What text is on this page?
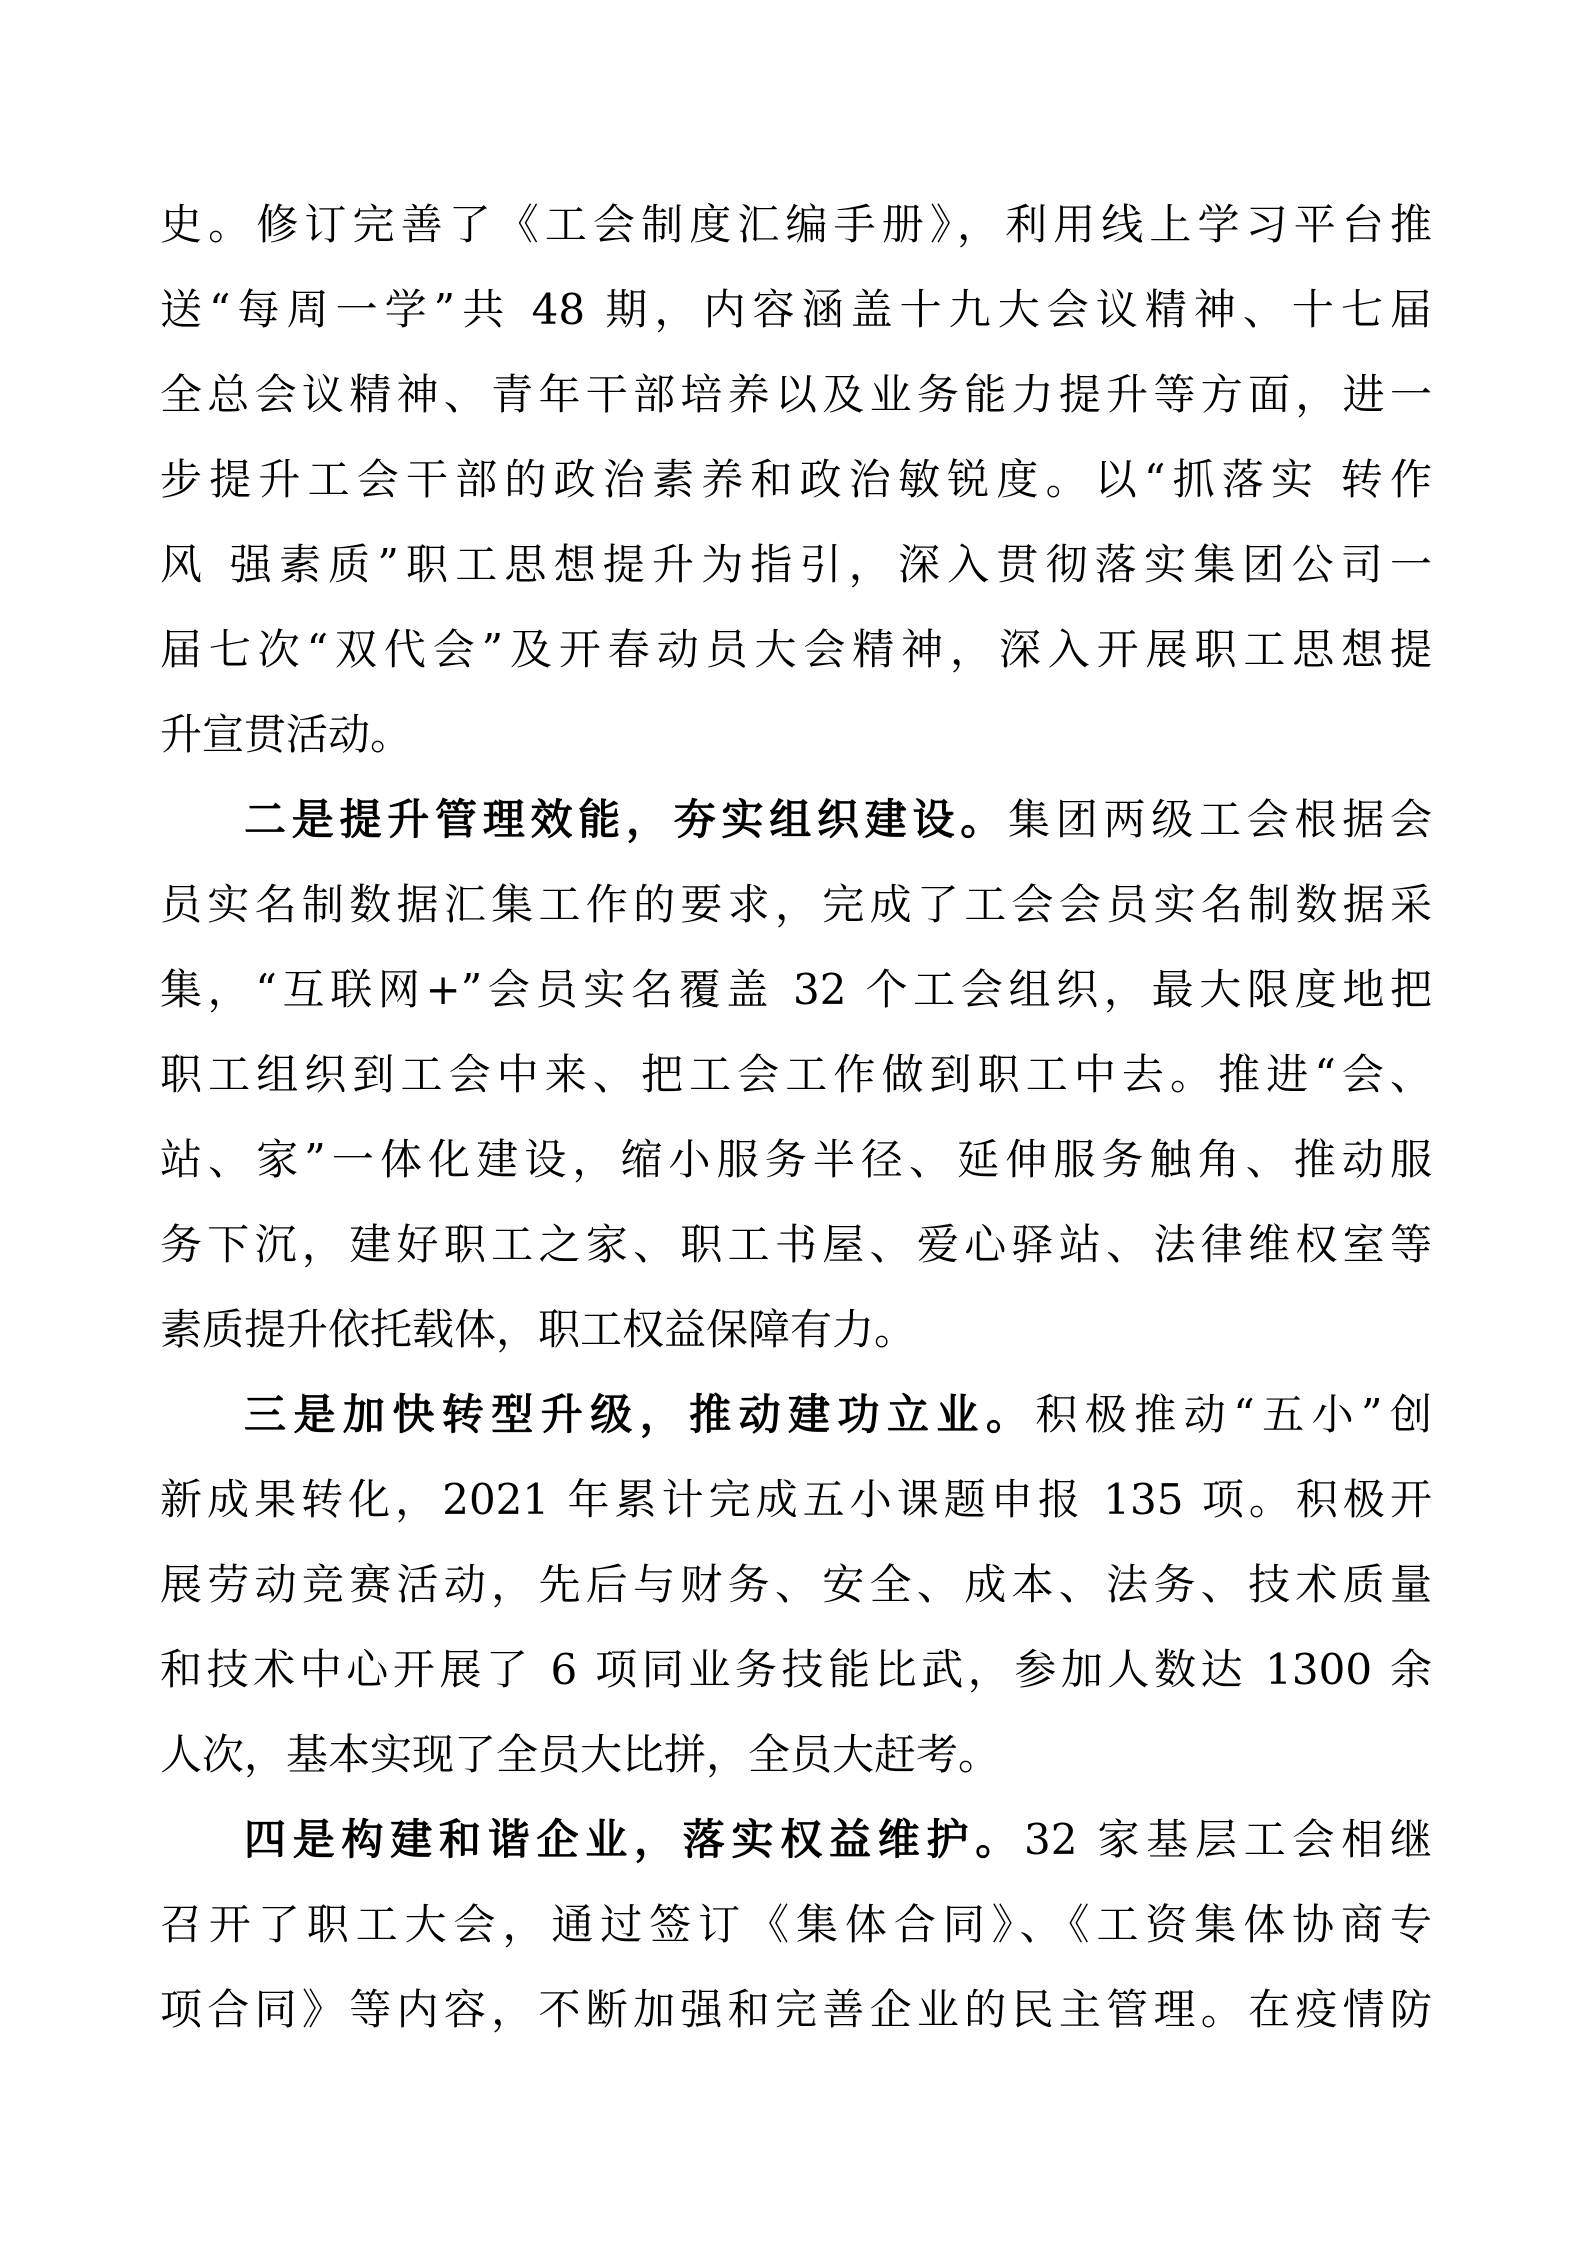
史。修订完善了《工会制度汇编手册》，利用线上学习平台推
送“每周一学”共 48 期，内容涵盖十九大会议精神、十七届
全总会议精神、青年干部培养以及业务能力提升等方面，进一
步提升工会干部的政治素养和政治敏锐度。以“抓落实 转作
风 强素质”职工思想提升为指引，深入贯彻落实集团公司一
届七次“双代会”及开春动员大会精神，深入开展职工思想提
升宣贯活动。
二是提升管理效能，夯实组织建设。集团两级工会根据会
员实名制数据汇集工作的要求，完成了工会会员实名制数据采
集，“互联网+”会员实名覆盖 32 个工会组织，最大限度地把
职工组织到工会中来、把工会工作做到职工中去。推进“会、
站、家”一体化建设，缩小服务半径、延伸服务触角、推动服
务下沉，建好职工之家、职工书屋、爱心驿站、法律维权室等
素质提升依托载体，职工权益保障有力。
三是加快转型升级，推动建功立业。积极推动“五小”创
新成果转化，2021 年累计完成五小课题申报 135 项。积极开
展劳动竞赛活动，先后与财务、安全、成本、法务、技术质量
和技术中心开展了 6 项同业务技能比武，参加人数达 1300 余
人次，基本实现了全员大比拼，全员大赶考。
四是构建和谐企业，落实权益维护。32 家基层工会相继
召开了职工大会，通过签订《集体合同》、《工资集体协商专
项合同》等内容，不断加强和完善企业的民主管理。在疫情防
